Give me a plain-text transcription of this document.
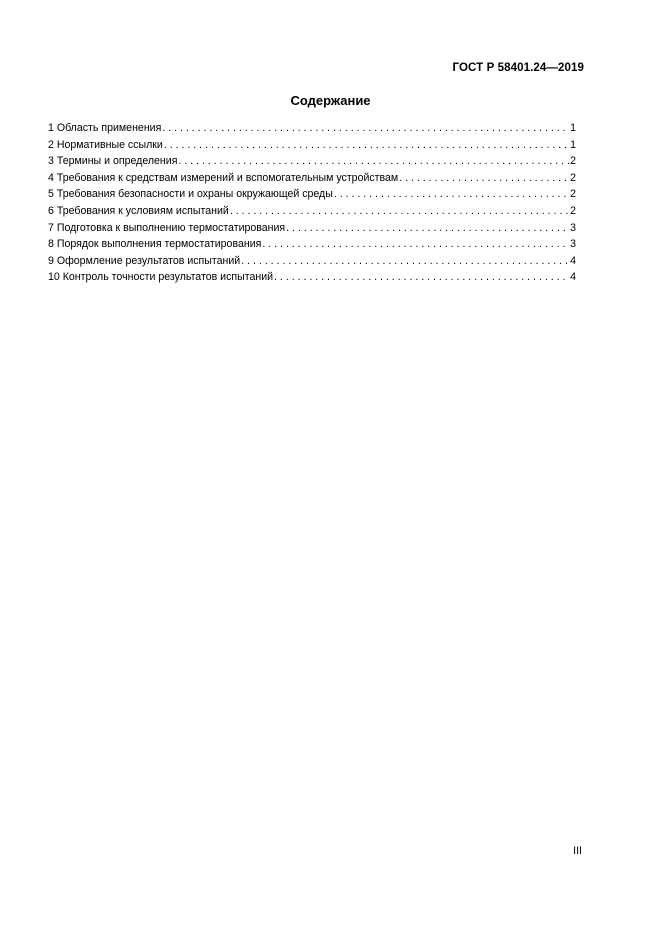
ГОСТ Р 58401.24—2019
Содержание
1 Область применения . . .	1
2 Нормативные ссылки . . .	1
3 Термины и определения . . .	2
4 Требования к средствам измерений и вспомогательным устройствам . . .	2
5 Требования безопасности и охраны окружающей среды . . .	2
6 Требования к условиям испытаний . . .	2
7 Подготовка к выполнению термостатирования . . .	3
8 Порядок выполнения термостатирования . . .	3
9 Оформление результатов испытаний . . .	4
10 Контроль точности результатов испытаний . . .	4
III
